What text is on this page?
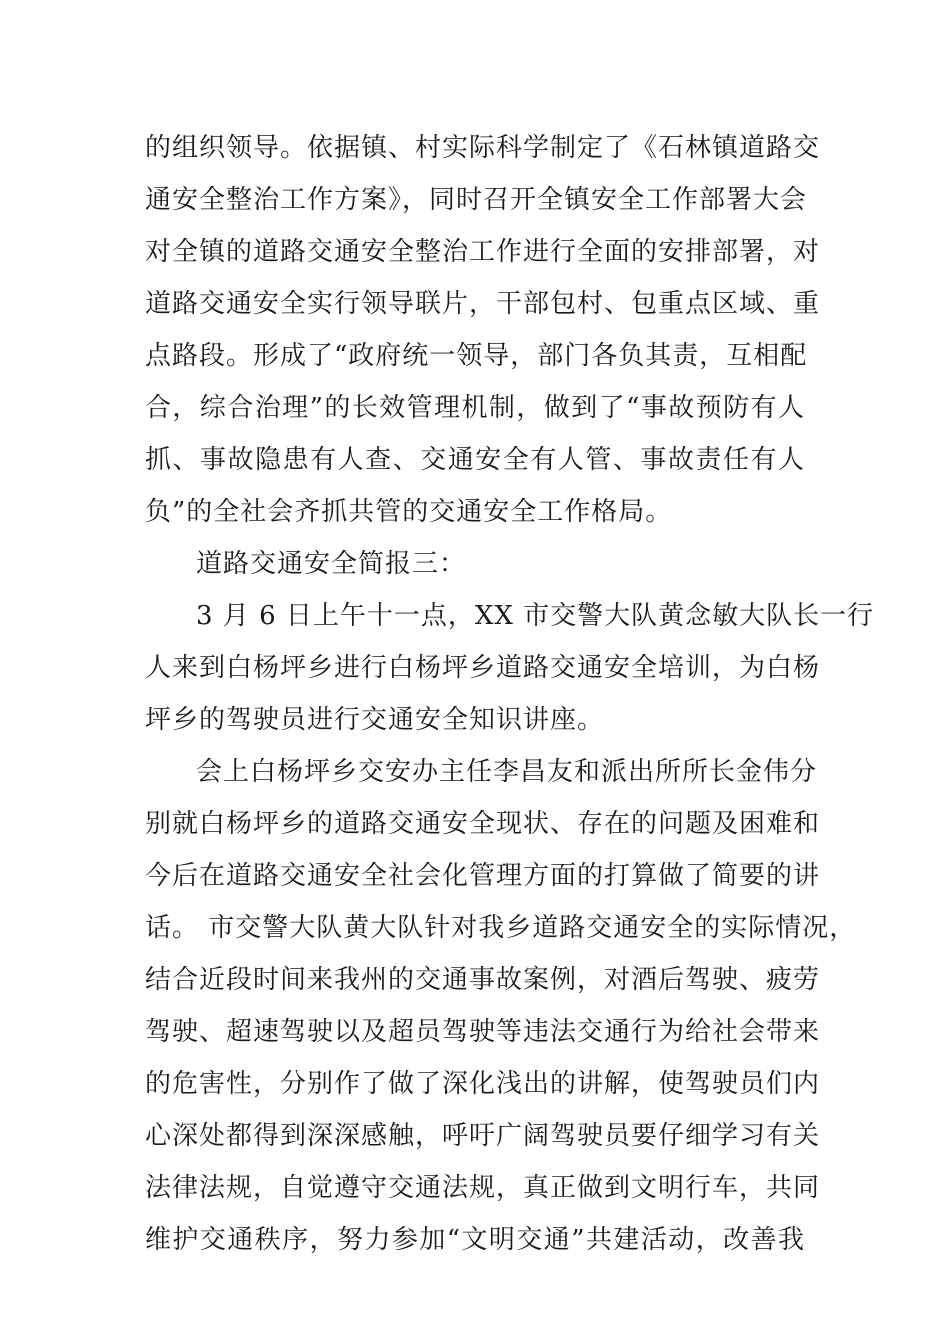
的组织领导。依据镇、村实际科学制定了《石林镇道路交
通安全整治工作方案》，同时召开全镇安全工作部署大会
对全镇的道路交通安全整治工作进行全面的安排部署，对
道路交通安全实行领导联片，干部包村、包重点区域、重
点路段。形成了“政府统一领导，部门各负其责，互相配
合，综合治理”的长效管理机制，做到了“事故预防有人
抓、事故隐患有人查、交通安全有人管、事故责任有人
负”的全社会齐抓共管的交通安全工作格局。
道路交通安全简报三：
3 月 6 日上午十一点，XX 市交警大队黄念敏大队长一行
人来到白杨坪乡进行白杨坪乡道路交通安全培训，为白杨
坪乡的驾驶员进行交通安全知识讲座。
会上白杨坪乡交安办主任李昌友和派出所所长金伟分
别就白杨坪乡的道路交通安全现状、存在的问题及困难和
今后在道路交通安全社会化管理方面的打算做了简要的讲
话。 市交警大队黄大队针对我乡道路交通安全的实际情况，
结合近段时间来我州的交通事故案例，对酒后驾驶、疲劳
驾驶、超速驾驶以及超员驾驶等违法交通行为给社会带来
的危害性，分别作了做了深化浅出的讲解，使驾驶员们内
心深处都得到深深感触，呼吁广阔驾驶员要仔细学习有关
法律法规，自觉遵守交通法规，真正做到文明行车，共同
维护交通秩序，努力参加“文明交通”共建活动，改善我
